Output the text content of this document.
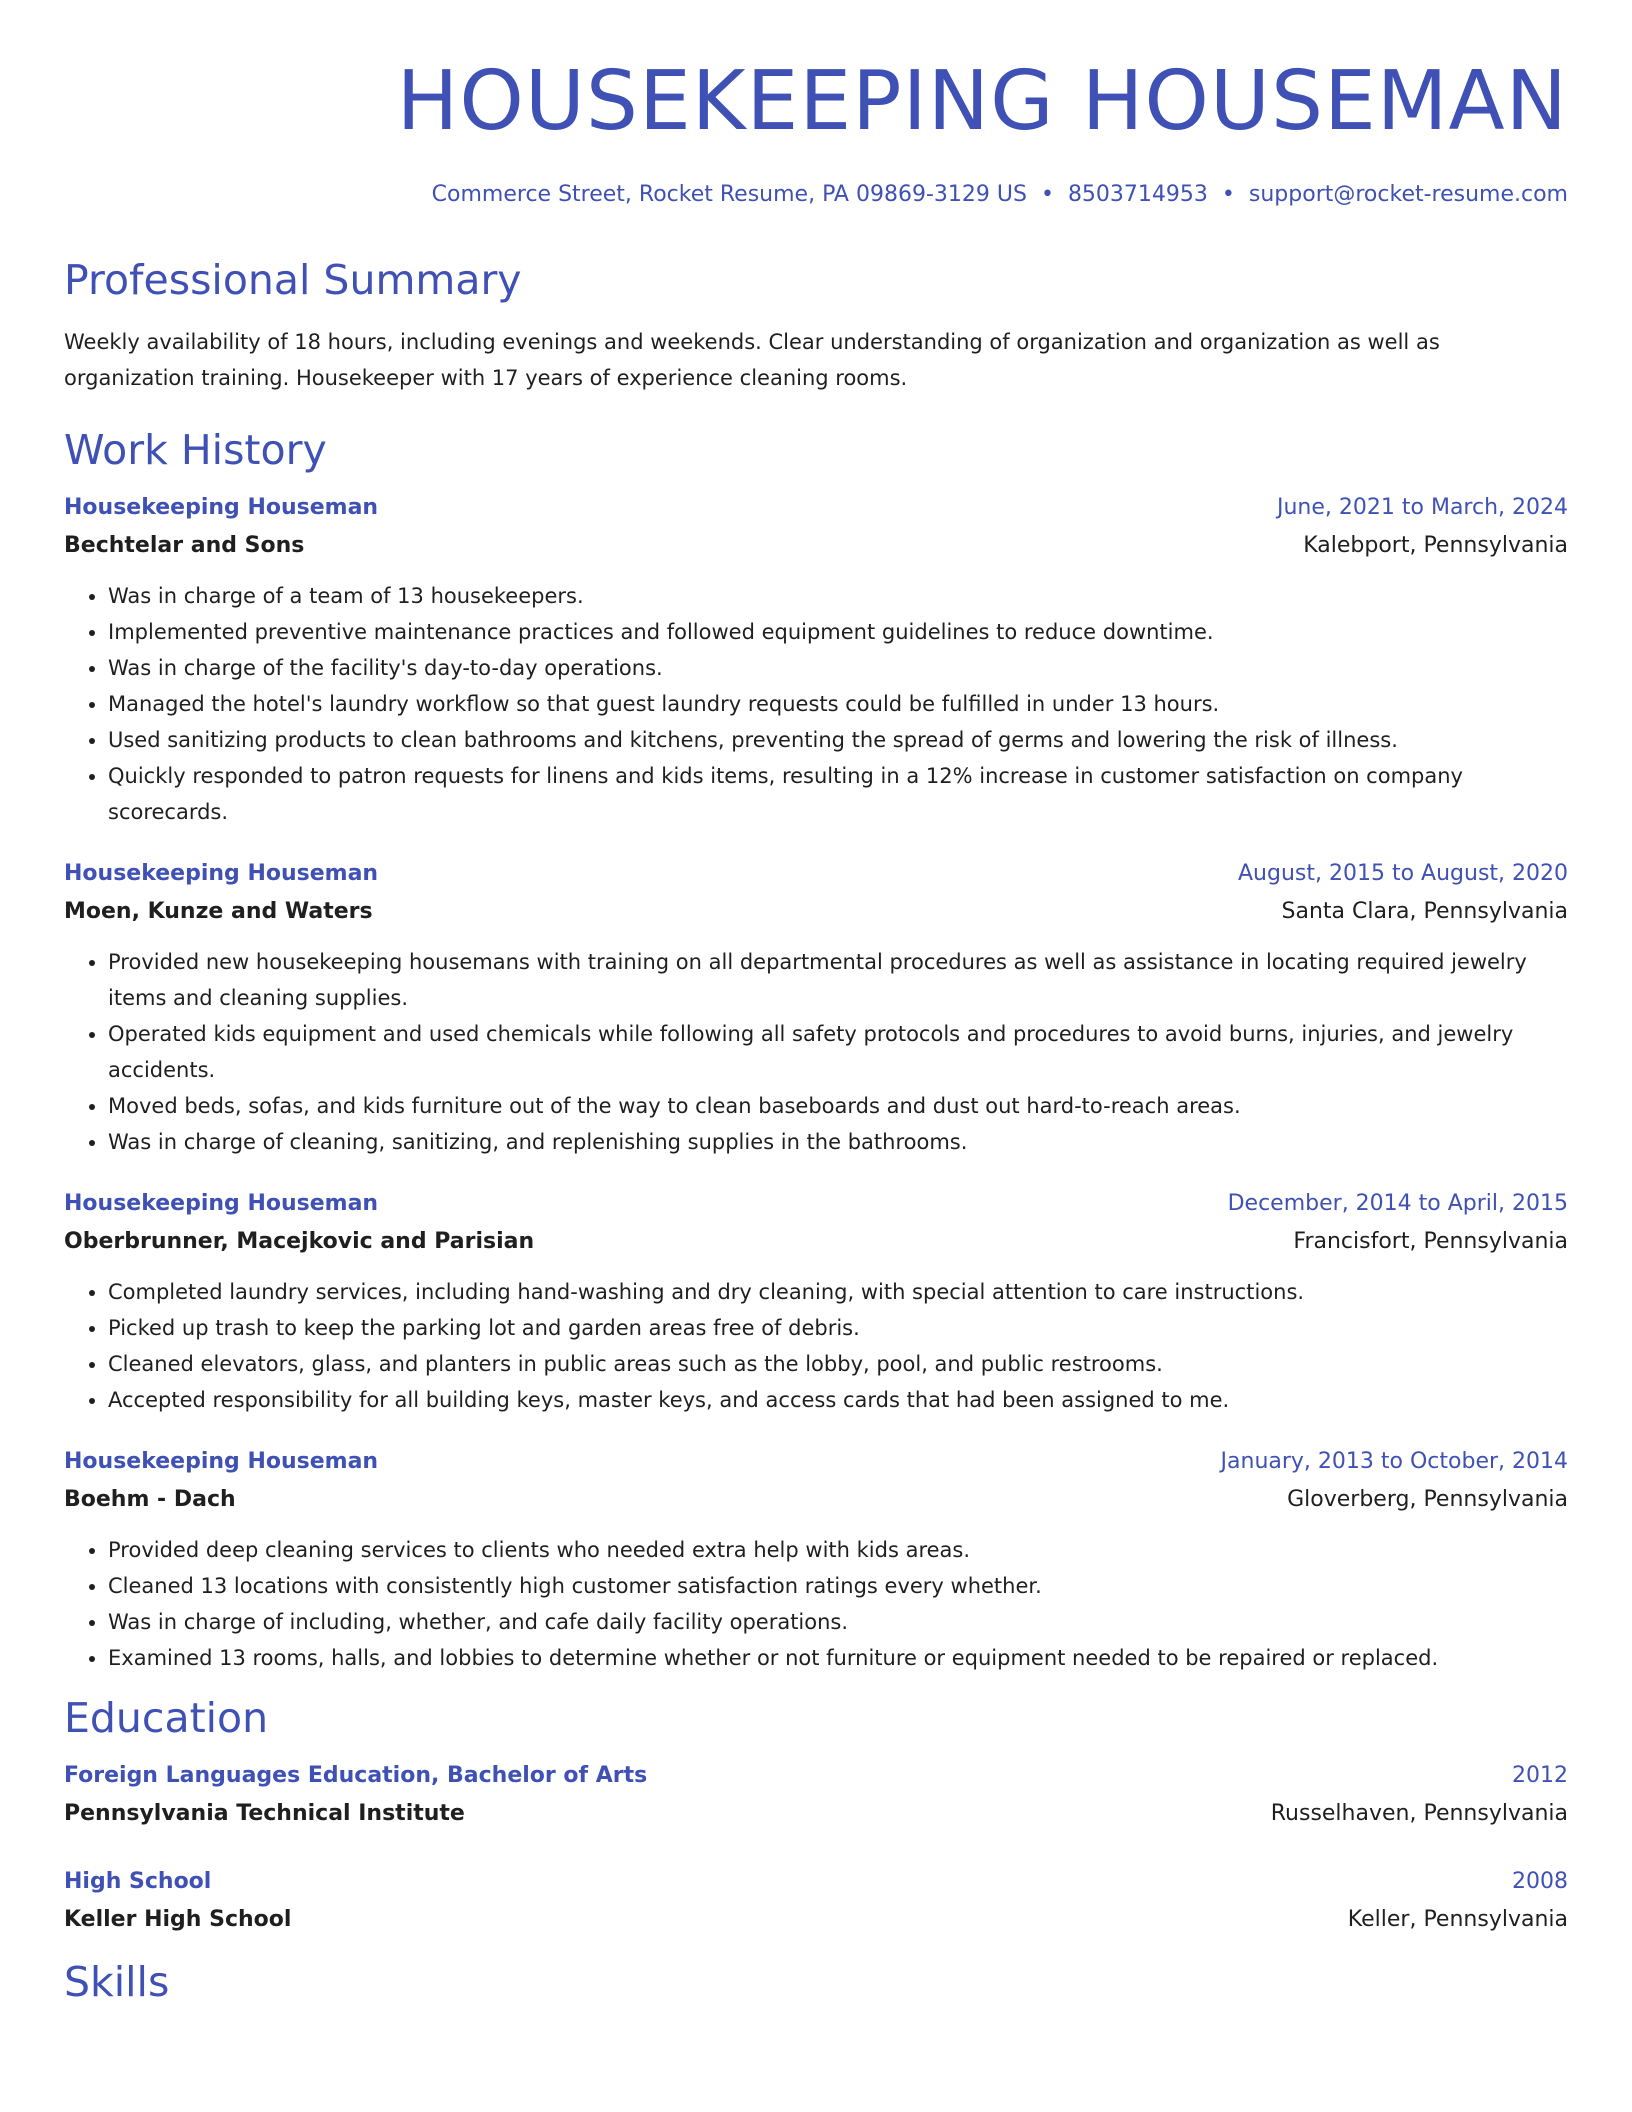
HOUSEKEEPING HOUSEMAN
Commerce Street, Rocket Resume, PA 09869-3129 US • 8503714953 • support@rocket-resume.com
Professional Summary
Weekly availability of 18 hours, including evenings and weekends. Clear understanding of organization and organization as well as organization training. Housekeeper with 17 years of experience cleaning rooms.
Work History
Housekeeping Houseman	June, 2021 to March, 2024
Bechtelar and Sons	Kalebport, Pennsylvania
• Was in charge of a team of 13 housekeepers.
• Implemented preventive maintenance practices and followed equipment guidelines to reduce downtime.
• Was in charge of the facility's day-to-day operations.
• Managed the hotel's laundry workflow so that guest laundry requests could be fulfilled in under 13 hours.
• Used sanitizing products to clean bathrooms and kitchens, preventing the spread of germs and lowering the risk of illness.
• Quickly responded to patron requests for linens and kids items, resulting in a 12% increase in customer satisfaction on company scorecards.
Housekeeping Houseman	August, 2015 to August, 2020
Moen, Kunze and Waters	Santa Clara, Pennsylvania
• Provided new housekeeping housemans with training on all departmental procedures as well as assistance in locating required jewelry items and cleaning supplies.
• Operated kids equipment and used chemicals while following all safety protocols and procedures to avoid burns, injuries, and jewelry accidents.
• Moved beds, sofas, and kids furniture out of the way to clean baseboards and dust out hard-to-reach areas.
• Was in charge of cleaning, sanitizing, and replenishing supplies in the bathrooms.
Housekeeping Houseman	December, 2014 to April, 2015
Oberbrunner, Macejkovic and Parisian	Francisfort, Pennsylvania
• Completed laundry services, including hand-washing and dry cleaning, with special attention to care instructions.
• Picked up trash to keep the parking lot and garden areas free of debris.
• Cleaned elevators, glass, and planters in public areas such as the lobby, pool, and public restrooms.
• Accepted responsibility for all building keys, master keys, and access cards that had been assigned to me.
Housekeeping Houseman	January, 2013 to October, 2014
Boehm - Dach	Gloverberg, Pennsylvania
• Provided deep cleaning services to clients who needed extra help with kids areas.
• Cleaned 13 locations with consistently high customer satisfaction ratings every whether.
• Was in charge of including, whether, and cafe daily facility operations.
• Examined 13 rooms, halls, and lobbies to determine whether or not furniture or equipment needed to be repaired or replaced.
Education
Foreign Languages Education, Bachelor of Arts	2012
Pennsylvania Technical Institute	Russelhaven, Pennsylvania
High School	2008
Keller High School	Keller, Pennsylvania
Skills
